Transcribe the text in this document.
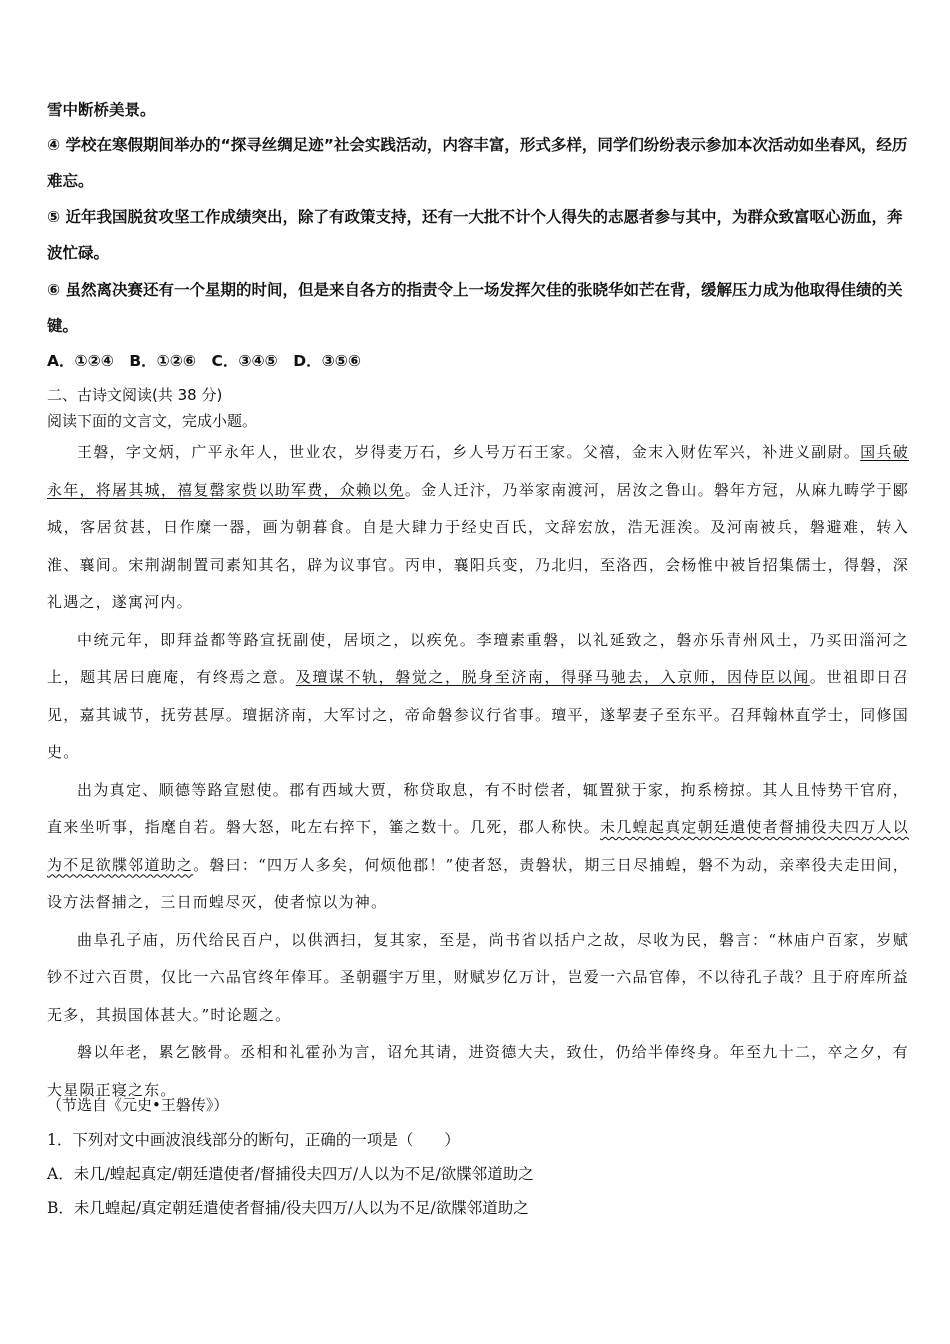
雪中断桥美景。
④ 学校在寒假期间举办的“探寻丝绸足迹”社会实践活动，内容丰富，形式多样，同学们纷纷表示参加本次活动如坐春风，经历难忘。
⑤ 近年我国脱贫攻坚工作成绩突出，除了有政策支持，还有一大批不计个人得失的志愿者参与其中，为群众致富呕心沥血，奔波忙碌。
⑥ 虽然离决赛还有一个星期的时间，但是来自各方的指责令上一场发挥欠佳的张晓华如芒在背，缓解压力成为他取得佳绩的关键。
A．①②④　B．①②⑥　C．③④⑤　D．③⑤⑥
二、古诗文阅读(共 38 分)
阅读下面的文言文，完成小题。

王磐，字文炳，广平永年人，世业农，岁得麦万石，乡人号万石王家。父禧，金末入财佐军兴，补进义副尉。国兵破永年，将屠其城，禧复罄家赀以助军费，众赖以免。金人迁汴，乃举家南渡河，居汝之鲁山。磐年方冠，从麻九畴学于郾城，客居贫甚，日作糜一器，画为朝暮食。自是大肆力于经史百氏，文辞宏放，浩无涯涘。及河南被兵，磐避难，转入淮、襄间。宋荆湖制置司素知其名，辟为议事官。丙申，襄阳兵变，乃北归，至洛西，会杨惟中被旨招集儒士，得磐，深礼遇之，遂寓河内。

中统元年，即拜益都等路宣抚副使，居顷之，以疾免。李璮素重磐，以礼延致之，磐亦乐青州风土，乃买田淄河之上，题其居曰鹿庵，有终焉之意。及璮谋不轨，磐觉之，脱身至济南，得驿马驰去，入京师，因侍臣以闻。世祖即日召见，嘉其诚节，抚劳甚厚。璮据济南，大军讨之，帝命磐参议行省事。璮平，遂挈妻子至东平。召拜翰林直学士，同修国史。

出为真定、顺德等路宣慰使。郡有西域大贾，称贷取息，有不时偿者，辄置狱于家，拘系榜掠。其人且恃势干官府，直来坐听事，指麾自若。磐大怒，叱左右捽下，箠之数十。几死，郡人称快。未几蝗起真定朝廷遣使者督捕役夫四万人以为不足欲牒邻道助之。磐曰：“四万人多矣，何烦他郡！”使者怒，责磐状，期三日尽捕蝗，磐不为动，亲率役夫走田间，设方法督捕之，三日而蝗尽灭，使者惊以为神。

曲阜孔子庙，历代给民百户，以供洒扫，复其家，至是，尚书省以括户之故，尽收为民，磐言：“林庙户百家，岁赋钞不过六百贯，仅比一六品官终年俸耳。圣朝疆宇万里，财赋岁亿万计，岂爱一六品官俸，不以待孔子哉？且于府库所益无多，其损国体甚大。”时论题之。

磐以年老，累乞骸骨。丞相和礼霍孙为言，诏允其请，进资德大夫，致仕，仍给半俸终身。年至九十二，卒之夕，有大星陨正寝之东。

（节选自《元史•王磐传》）
1．下列对文中画波浪线部分的断句，正确的一项是（　　）
A．未几/蝗起真定/朝廷遣使者/督捕役夫四万/人以为不足/欲牒邻道助之
B．未几蝗起/真定朝廷遣使者督捕/役夫四万/人以为不足/欲牒邻道助之
